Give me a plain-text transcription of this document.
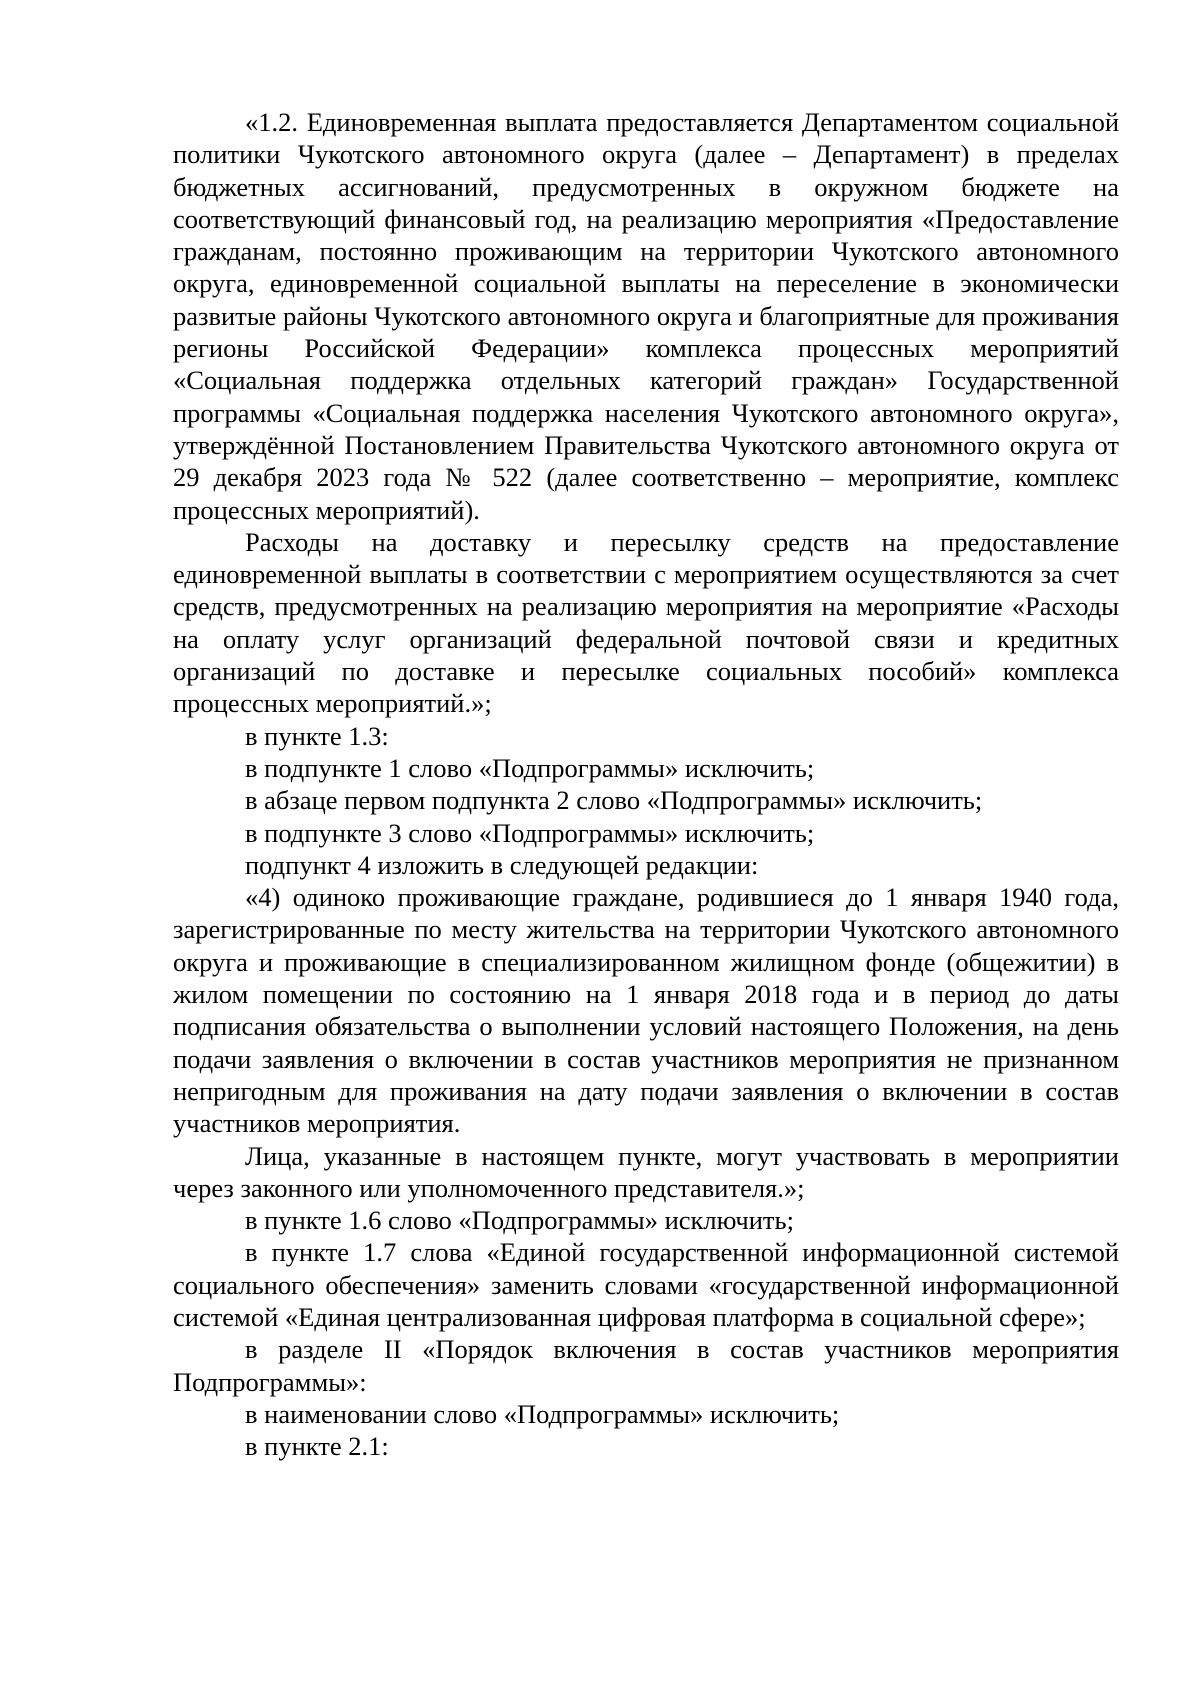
«1.2. Единовременная выплата предоставляется Департаментом социальной политики Чукотского автономного округа (далее – Департамент) в пределах бюджетных ассигнований, предусмотренных в окружном бюджете на соответствующий финансовый год, на реализацию мероприятия «Предоставление гражданам, постоянно проживающим на территории Чукотского автономного округа, единовременной социальной выплаты на переселение в экономически развитые районы Чукотского автономного округа и благоприятные для проживания регионы Российской Федерации» комплекса процессных мероприятий «Социальная поддержка отдельных категорий граждан» Государственной программы «Социальная поддержка населения Чукотского автономного округа», утверждённой Постановлением Правительства Чукотского автономного округа от 29 декабря 2023 года № 522 (далее соответственно – мероприятие, комплекс процессных мероприятий).

Расходы на доставку и пересылку средств на предоставление единовременной выплаты в соответствии с мероприятием осуществляются за счет средств, предусмотренных на реализацию мероприятия на мероприятие «Расходы на оплату услуг организаций федеральной почтовой связи и кредитных организаций по доставке и пересылке социальных пособий» комплекса процессных мероприятий.»;

в пункте 1.3:

в подпункте 1 слово «Подпрограммы» исключить;

в абзаце первом подпункта 2 слово «Подпрограммы» исключить;

в подпункте 3 слово «Подпрограммы» исключить;

подпункт 4 изложить в следующей редакции:

«4) одиноко проживающие граждане, родившиеся до 1 января 1940 года, зарегистрированные по месту жительства на территории Чукотского автономного округа и проживающие в специализированном жилищном фонде (общежитии) в жилом помещении по состоянию на 1 января 2018 года и в период до даты подписания обязательства о выполнении условий настоящего Положения, на день подачи заявления о включении в состав участников мероприятия не признанном непригодным для проживания на дату подачи заявления о включении в состав участников мероприятия.

Лица, указанные в настоящем пункте, могут участвовать в мероприятии через законного или уполномоченного представителя.»;

в пункте 1.6 слово «Подпрограммы» исключить;

в пункте 1.7 слова «Единой государственной информационной системой социального обеспечения» заменить словами «государственной информационной системой «Единая централизованная цифровая платформа в социальной сфере»;

в разделе II «Порядок включения в состав участников мероприятия Подпрограммы»:

в наименовании слово «Подпрограммы» исключить;

в пункте 2.1:
